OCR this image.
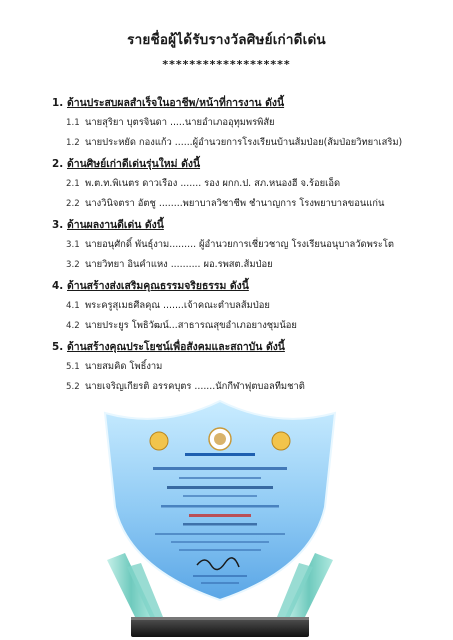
รายชื่อผู้ได้รับรางวัลศิษย์เก่าดีเด่น
*******************
1. ด้านประสบผลสำเร็จในอาชีพ/หน้าที่การงาน ดังนี้
1.1 นายสุริยา บุตรจินดา .....นายอำเภออุทุมพรพิสัย
1.2 นายประหยัด กองแก้ว ......ผู้อำนวยการโรงเรียนบ้านส้มป่อย(ส้มป่อยวิทยาเสริม)
2. ด้านศิษย์เก่าดีเด่นรุ่นใหม่ ดังนี้
2.1 พ.ต.ท.พิเนตร ดาวเรือง ....... รอง ผกก.ป. สภ.หนองฮี จ.ร้อยเอ็ด
2.2 นางวินิจตรา อัตชู ........พยาบาลวิชาชีพ ชำนาญการ โรงพยาบาลขอนแก่น
3. ด้านผลงานดีเด่น ดังนี้
3.1 นายอนุศักดิ์ พันธุ์งาม......... ผู้อำนวยการเชี่ยวชาญ โรงเรียนอนุบาลวัดพระโต
3.2 นายวิทยา อินคำแหง .......... ผอ.รพสต.ส้มป่อย
4. ด้านสร้างส่งเสริมคุณธรรมจริยธรรม ดังนี้
4.1 พระครูสุเมธศีลคุณ .......เจ้าคณะตำบลส้มป่อย
4.2 นายประยูร โพธิวัฒน์...สาธารณสุขอำเภอยางชุมน้อย
5. ด้านสร้างคุณประโยชน์เพื่อสังคมและสถาบัน ดังนี้
5.1 นายสมคิด โพธิ์งาม
5.2 นายเจริญเกียรติ อรรคบุตร .......นักกีฬาฟุตบอลทีมชาติ
